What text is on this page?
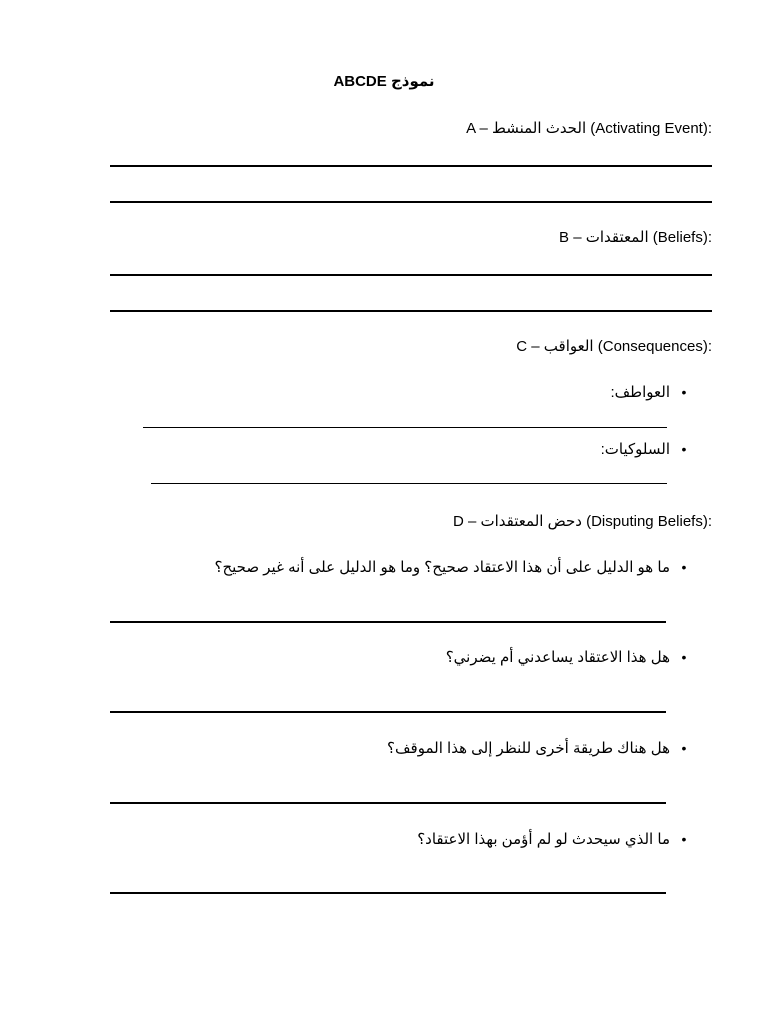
نموذج ABCDE
A – الحدث المنشط (Activating Event):
B – المعتقدات (Beliefs):
C – العواقب (Consequences):
•
العواطف:
•
السلوكيات:
D – دحض المعتقدات (Disputing Beliefs):
•
ما هو الدليل على أن هذا الاعتقاد صحيح؟ وما هو الدليل على أنه غير صحيح؟
•
هل هذا الاعتقاد يساعدني أم يضرني؟
•
هل هناك طريقة أخرى للنظر إلى هذا الموقف؟
•
ما الذي سيحدث لو لم أؤمن بهذا الاعتقاد؟
